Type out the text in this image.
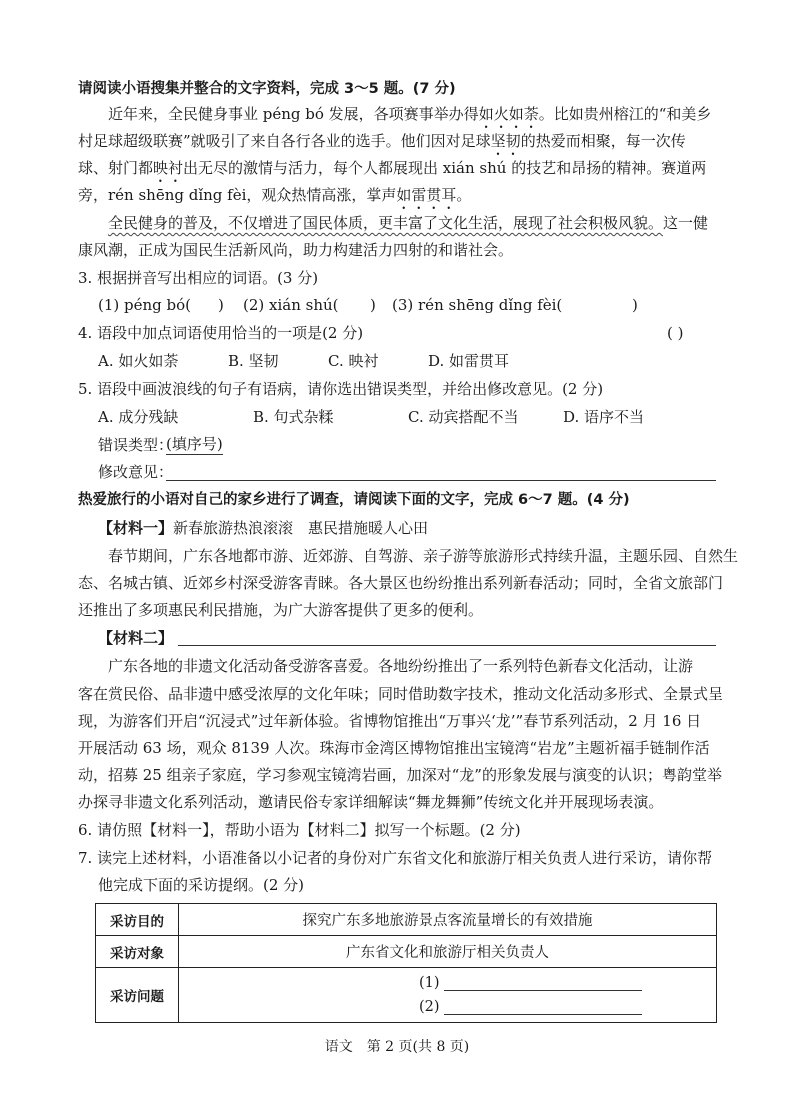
请阅读小语搜集并整合的文字资料，完成 3～5 题。(7 分)
近年来，全民健身事业 péng bó 发展，各项赛事举办得如火如荼。比如贵州榕江的“和美乡
村足球超级联赛”就吸引了来自各行各业的选手。他们因对足球坚韧的热爱而相聚，每一次传
球、射门都映衬出无尽的激情与活力，每个人都展现出 xián shú 的技艺和昂扬的精神。赛道两
旁，rén shēng dǐng fèi，观众热情高涨，掌声如雷贯耳。
全民健身的普及，不仅增进了国民体质，更丰富了文化生活，展现了社会积极风貌。这一健
康风潮，正成为国民生活新风尚，助力构建活力四射的和谐社会。
3. 根据拼音写出相应的词语。(3 分)
(1) péng bó( ) (2) xián shú( ) (3) rén shēng dǐng fèi(	)
4. 语段中加点词语使用恰当的一项是(2 分)	( )
A. 如火如荼	B. 坚韧	C. 映衬	D. 如雷贯耳
5. 语段中画波浪线的句子有语病，请你选出错误类型，并给出修改意见。(2 分)
A. 成分残缺	B. 句式杂糅	C. 动宾搭配不当	D. 语序不当
错误类型：
(填序号)
修改意见：
热爱旅行的小语对自己的家乡进行了调查，请阅读下面的文字，完成 6～7 题。(4 分)
【材料一】新春旅游热浪滚滚　惠民措施暖人心田
春节期间，广东各地都市游、近郊游、自驾游、亲子游等旅游形式持续升温，主题乐园、自然生
态、名城古镇、近郊乡村深受游客青睐。各大景区也纷纷推出系列新春活动；同时，全省文旅部门
还推出了多项惠民利民措施，为广大游客提供了更多的便利。
【材料二】
广东各地的非遗文化活动备受游客喜爱。各地纷纷推出了一系列特色新春文化活动，让游
客在赏民俗、品非遗中感受浓厚的文化年味；同时借助数字技术，推动文化活动多形式、全景式呈
现，为游客们开启“沉浸式”过年新体验。省博物馆推出“万事兴‘龙’”春节系列活动，2 月 16 日
开展活动 63 场，观众 8139 人次。珠海市金湾区博物馆推出宝镜湾“岩龙”主题祈福手链制作活
动，招募 25 组亲子家庭，学习参观宝镜湾岩画，加深对“龙”的形象发展与演变的认识；粤韵堂举
办探寻非遗文化系列活动，邀请民俗专家详细解读“舞龙舞狮”传统文化并开展现场表演。
6. 请仿照【材料一】，帮助小语为【材料二】拟写一个标题。(2 分)
7. 读完上述材料，小语准备以小记者的身份对广东省文化和旅游厅相关负责人进行采访，请你帮
他完成下面的采访提纲。(2 分)
采访目的	探究广东多地旅游景点客流量增长的有效措施
采访对象	广东省文化和旅游厅相关负责人
采访问题	(1)
(2)
语文　第 2 页(共 8 页)
